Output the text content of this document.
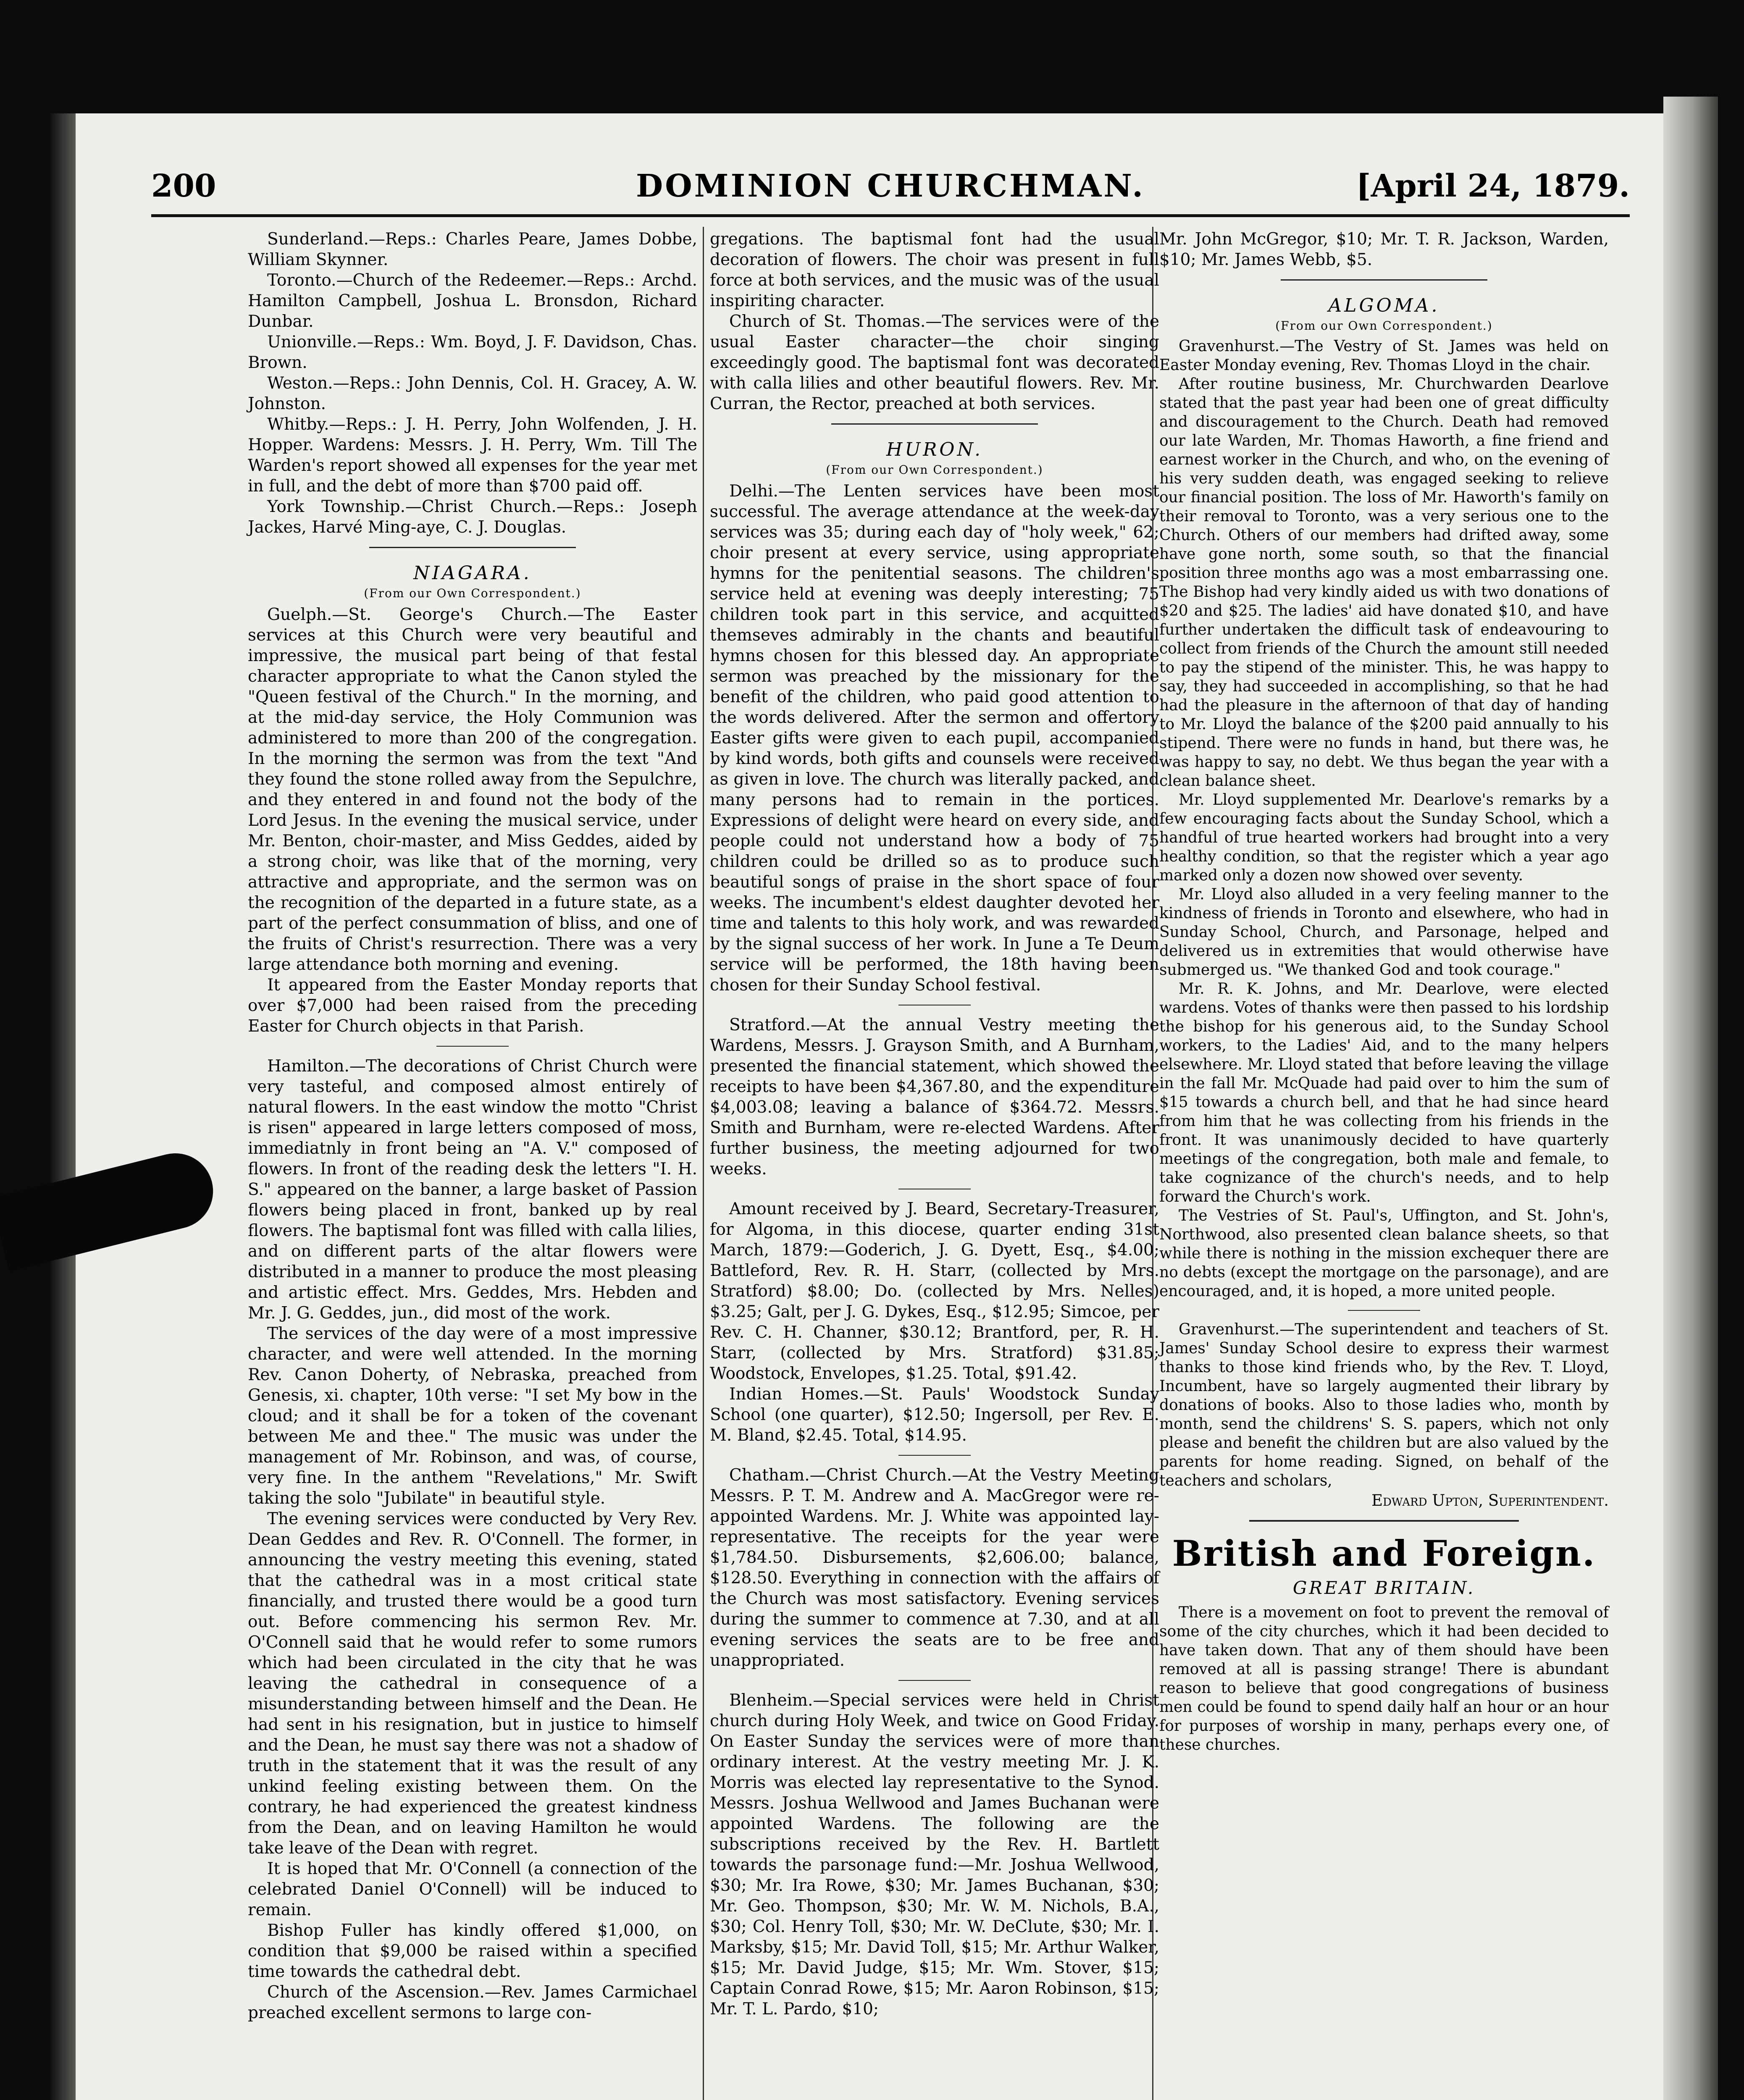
200	DOMINION CHURCHMAN.	[April 24, 1879.

Sunderland.—Reps.: Charles Peare, James Dobbe, William Skynner.

Toronto.—Church of the Redeemer.—Reps.: Archd. Hamilton Campbell, Joshua L. Bronsdon, Richard Dunbar.

Unionville.—Reps.: Wm. Boyd, J. F. Davidson, Chas. Brown.

Weston.—Reps.: John Dennis, Col. H. Gracey, A. W. Johnston.

Whitby.—Reps.: J. H. Perry, John Wolfenden, J. H. Hopper. Wardens: Messrs. J. H. Perry, Wm. Till The Warden's report showed all expenses for the year met in full, and the debt of more than $700 paid off.

York Township.—Christ Church.—Reps.: Joseph Jackes, Harvé Ming-aye, C. J. Douglas.

NIAGARA.
(From our Own Correspondent.)

Guelph.—St. George's Church.—The Easter services at this Church were very beautiful and impressive, the musical part being of that festal character appropriate to what the Canon styled the "Queen festival of the Church." In the morning, and at the mid-day service, the Holy Communion was administered to more than 200 of the congregation. In the morning the sermon was from the text "And they found the stone rolled away from the Sepulchre, and they entered in and found not the body of the Lord Jesus. In the evening the musical service, under Mr. Benton, choir-master, and Miss Geddes, aided by a strong choir, was like that of the morning, very attractive and appropriate, and the sermon was on the recognition of the departed in a future state, as a part of the perfect consummation of bliss, and one of the fruits of Christ's resurrection. There was a very large attendance both morning and evening.

It appeared from the Easter Monday reports that over $7,000 had been raised from the preceding Easter for Church objects in that Parish.

Hamilton.—The decorations of Christ Church were very tasteful, and composed almost entirely of natural flowers. In the east window the motto "Christ is risen" appeared in large letters composed of moss, immediatnly in front being an "A. V." composed of flowers. In front of the reading desk the letters "I. H. S." appeared on the banner, a large basket of Passion flowers being placed in front, banked up by real flowers. The baptismal font was filled with calla lilies, and on different parts of the altar flowers were distributed in a manner to produce the most pleasing and artistic effect. Mrs. Geddes, Mrs. Hebden and Mr. J. G. Geddes, jun., did most of the work.

The services of the day were of a most impressive character, and were well attended. In the morning Rev. Canon Doherty, of Nebraska, preached from Genesis, xi. chapter, 10th verse: "I set My bow in the cloud; and it shall be for a token of the covenant between Me and thee." The music was under the management of Mr. Robinson, and was, of course, very fine. In the anthem "Revelations," Mr. Swift taking the solo "Jubilate" in beautiful style.

The evening services were conducted by Very Rev. Dean Geddes and Rev. R. O'Connell. The former, in announcing the vestry meeting this evening, stated that the cathedral was in a most critical state financially, and trusted there would be a good turn out. Before commencing his sermon Rev. Mr. O'Connell said that he would refer to some rumors which had been circulated in the city that he was leaving the cathedral in consequence of a misunderstanding between himself and the Dean. He had sent in his resignation, but in justice to himself and the Dean, he must say there was not a shadow of truth in the statement that it was the result of any unkind feeling existing between them. On the contrary, he had experienced the greatest kindness from the Dean, and on leaving Hamilton he would take leave of the Dean with regret.

It is hoped that Mr. O'Connell (a connection of the celebrated Daniel O'Connell) will be induced to remain.

Bishop Fuller has kindly offered $1,000, on condition that $9,000 be raised within a specified time towards the cathedral debt.

Church of the Ascension.—Rev. James Carmichael preached excellent sermons to large con-

gregations. The baptismal font had the usual decoration of flowers. The choir was present in full force at both services, and the music was of the usual inspiriting character.

Church of St. Thomas.—The services were of the usual Easter character—the choir singing exceedingly good. The baptismal font was decorated with calla lilies and other beautiful flowers. Rev. Mr. Curran, the Rector, preached at both services.

HURON.
(From our Own Correspondent.)

Delhi.—The Lenten services have been most successful. The average attendance at the week-day services was 35; during each day of "holy week," 62; choir present at every service, using appropriate hymns for the penitential seasons. The children's service held at evening was deeply interesting; 75 children took part in this service, and acquitted themseves admirably in the chants and beautiful hymns chosen for this blessed day. An appropriate sermon was preached by the missionary for the benefit of the children, who paid good attention to the words delivered. After the sermon and offertory Easter gifts were given to each pupil, accompanied by kind words, both gifts and counsels were received as given in love. The church was literally packed, and many persons had to remain in the portices. Expressions of delight were heard on every side, and people could not understand how a body of 75 children could be drilled so as to produce such beautiful songs of praise in the short space of four weeks. The incumbent's eldest daughter devoted her time and talents to this holy work, and was rewarded by the signal success of her work. In June a Te Deum service will be performed, the 18th having been chosen for their Sunday School festival.

Stratford.—At the annual Vestry meeting the Wardens, Messrs. J. Grayson Smith, and A Burnham, presented the financial statement, which showed the receipts to have been $4,367.80, and the expenditure $4,003.08; leaving a balance of $364.72. Messrs. Smith and Burnham, were re-elected Wardens. After further business, the meeting adjourned for two weeks.

Amount received by J. Beard, Secretary-Treasurer, for Algoma, in this diocese, quarter ending 31st March, 1879:—Goderich, J. G. Dyett, Esq., $4.00; Battleford, Rev. R. H. Starr, (collected by Mrs. Stratford) $8.00; Do. (collected by Mrs. Nelles) $3.25; Galt, per J. G. Dykes, Esq., $12.95; Simcoe, per Rev. C. H. Channer, $30.12; Brantford, per, R. H. Starr, (collected by Mrs. Stratford) $31.85; Woodstock, Envelopes, $1.25. Total, $91.42.

Indian Homes.—St. Pauls' Woodstock Sunday School (one quarter), $12.50; Ingersoll, per Rev. E. M. Bland, $2.45. Total, $14.95.

Chatham.—Christ Church.—At the Vestry Meeting Messrs. P. T. M. Andrew and A. MacGregor were re-appointed Wardens. Mr. J. White was appointed lay-representative. The receipts for the year were $1,784.50. Disbursements, $2,606.00; balance, $128.50. Everything in connection with the affairs of the Church was most satisfactory. Evening services during the summer to commence at 7.30, and at all evening services the seats are to be free and unappropriated.

Blenheim.—Special services were held in Christ church during Holy Week, and twice on Good Friday. On Easter Sunday the services were of more than ordinary interest. At the vestry meeting Mr. J. K. Morris was elected lay representative to the Synod. Messrs. Joshua Wellwood and James Buchanan were appointed Wardens. The following are the subscriptions received by the Rev. H. Bartlett towards the parsonage fund:—Mr. Joshua Wellwood, $30; Mr. Ira Rowe, $30; Mr. James Buchanan, $30; Mr. Geo. Thompson, $30; Mr. W. M. Nichols, B.A., $30; Col. Henry Toll, $30; Mr. W. DeClute, $30; Mr. I. Marksby, $15; Mr. David Toll, $15; Mr. Arthur Walker, $15; Mr. David Judge, $15; Mr. Wm. Stover, $15; Captain Conrad Rowe, $15; Mr. Aaron Robinson, $15; Mr. T. L. Pardo, $10;

Mr. John McGregor, $10; Mr. T. R. Jackson, Warden, $10; Mr. James Webb, $5.

ALGOMA.
(From our Own Correspondent.)

Gravenhurst.—The Vestry of St. James was held on Easter Monday evening, Rev. Thomas Lloyd in the chair.

After routine business, Mr. Churchwarden Dearlove stated that the past year had been one of great difficulty and discouragement to the Church. Death had removed our late Warden, Mr. Thomas Haworth, a fine friend and earnest worker in the Church, and who, on the evening of his very sudden death, was engaged seeking to relieve our financial position. The loss of Mr. Haworth's family on their removal to Toronto, was a very serious one to the Church. Others of our members had drifted away, some have gone north, some south, so that the financial position three months ago was a most embarrassing one. The Bishop had very kindly aided us with two donations of $20 and $25. The ladies' aid have donated $10, and have further undertaken the difficult task of endeavouring to collect from friends of the Church the amount still needed to pay the stipend of the minister. This, he was happy to say, they had succeeded in accomplishing, so that he had had the pleasure in the afternoon of that day of handing to Mr. Lloyd the balance of the $200 paid annually to his stipend. There were no funds in hand, but there was, he was happy to say, no debt. We thus began the year with a clean balance sheet.

Mr. Lloyd supplemented Mr. Dearlove's remarks by a few encouraging facts about the Sunday School, which a handful of true hearted workers had brought into a very healthy condition, so that the register which a year ago marked only a dozen now showed over seventy.

Mr. Lloyd also alluded in a very feeling manner to the kindness of friends in Toronto and elsewhere, who had in Sunday School, Church, and Parsonage, helped and delivered us in extremities that would otherwise have submerged us. "We thanked God and took courage."

Mr. R. K. Johns, and Mr. Dearlove, were elected wardens. Votes of thanks were then passed to his lordship the bishop for his generous aid, to the Sunday School workers, to the Ladies' Aid, and to the many helpers elsewhere. Mr. Lloyd stated that before leaving the village in the fall Mr. McQuade had paid over to him the sum of $15 towards a church bell, and that he had since heard from him that he was collecting from his friends in the front. It was unanimously decided to have quarterly meetings of the congregation, both male and female, to take cognizance of the church's needs, and to help forward the Church's work.

The Vestries of St. Paul's, Uffington, and St. John's, Northwood, also presented clean balance sheets, so that while there is nothing in the mission exchequer there are no debts (except the mortgage on the parsonage), and are encouraged, and, it is hoped, a more united people.

Gravenhurst.—The superintendent and teachers of St. James' Sunday School desire to express their warmest thanks to those kind friends who, by the Rev. T. Lloyd, Incumbent, have so largely augmented their library by donations of books. Also to those ladies who, month by month, send the childrens' S. S. papers, which not only please and benefit the children but are also valued by the parents for home reading. Signed, on behalf of the teachers and scholars,

Edward Upton, Superintendent.

British and Foreign.
GREAT BRITAIN.

There is a movement on foot to prevent the removal of some of the city churches, which it had been decided to have taken down. That any of them should have been removed at all is passing strange! There is abundant reason to believe that good congregations of business men could be found to spend daily half an hour or an hour for purposes of worship in many, perhaps every one, of these churches.
